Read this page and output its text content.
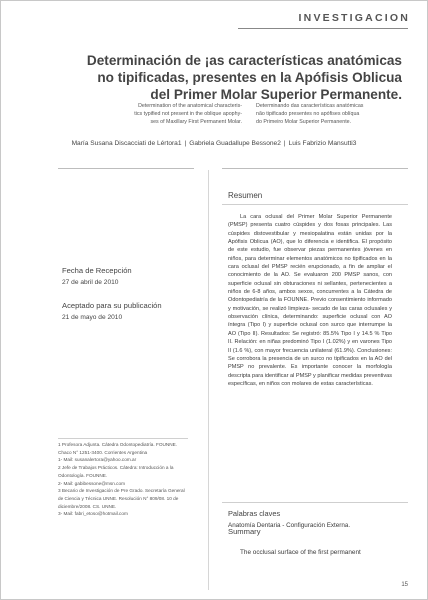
INVESTIGACION
Determinación de ¡as características anatómicas
no tipificadas, presentes en la Apófisis Oblicua
del Primer Molar Superior Permanente.
Determination of the anatomical characteris-
tics typified not present in the oblique apophy-
ses of Maxillary First Permanent Molar.
Determinando das características anatómicas
não tipificado presentes no apófises oblíqua
do Primeiro Molar Superior Permanente.
María Susana Discacciati de Lértora1 | Gabriela Guadallupe Bessone2 | Luis Fabrizio Mansutti3
Fecha de Recepción
27 de abril de 2010
Aceptado para su publicación
21 de mayo de 2010
Resumen
La cara oclusal del Primer Molar Superior Permanente (PMSP) presenta cuatro cúspides y dos fosas principales. Las cúspides distovestibular y mesiopalatina están unidas por la Apófisis Oblicua (AO), que lo diferencia e identifica. El propósito de este estudio, fue observar piezas permanentes jóvenes en niños, para determinar elementos anatómicos no tipificados en la cara oclusal del PMSP recién erupcionado, a fin de ampliar el conocimiento de la AO. Se evaluaron 200 PMSP sanos, con superficie oclusal sin obturaciones ni sellantes, pertenecientes a niños de 6-8 años, ambos sexos, concurrentes a la Cátedra de Odontopediatría de la FOUNNE. Previo consentimiento informado y motivación, se realizó limpieza- secado de las caras oclusales y observación clínica, determinando: superficie oclusal con AO íntegra (Tipo I) y superficie oclusal con surco que interrumpe la AO (Tipo II). Resultados: Se registró: 85.5% Tipo I y 14.5 % Tipo II. Relación: en niñas predominó Tipo I (1.02%) y en varones Tipo II (1.6 %), con mayor frecuencia unilateral (61.9%). Conclusiones: Se corrobora la presencia de un surco no tipificados en la AO del PMSP no prevalente. Es importante conocer la morfología descripta para identificar al PMSP y planificar medidas preventivas específicas, en niños con molares de estas características.
Palabras claves
Anatomía Dentaria - Configuración Externa.
Summary
The occlusal surface of the first permanent

1 Profesora Adjunta. Cátedra Odontopediatría. FOUNNE.

Chaco N° 1251-3400. Corrientes Argentina

1- Mail: susanalertora@yahoo.com.ar

2 Jefe de Trabajos Prácticos. Cátedra: Introducción a la

Odontología. FOUNNE.

2- Mail: gabibessone@msn.com

3 Becario de Investigación de Pre Grado. Secretaría General

de Ciencia y Técnica UNNE. Resolución N° 809/08. 10 de

diciembre/2008. CS. UNNE.

3- Mail: fabri_etoso@hotmail.com

15
